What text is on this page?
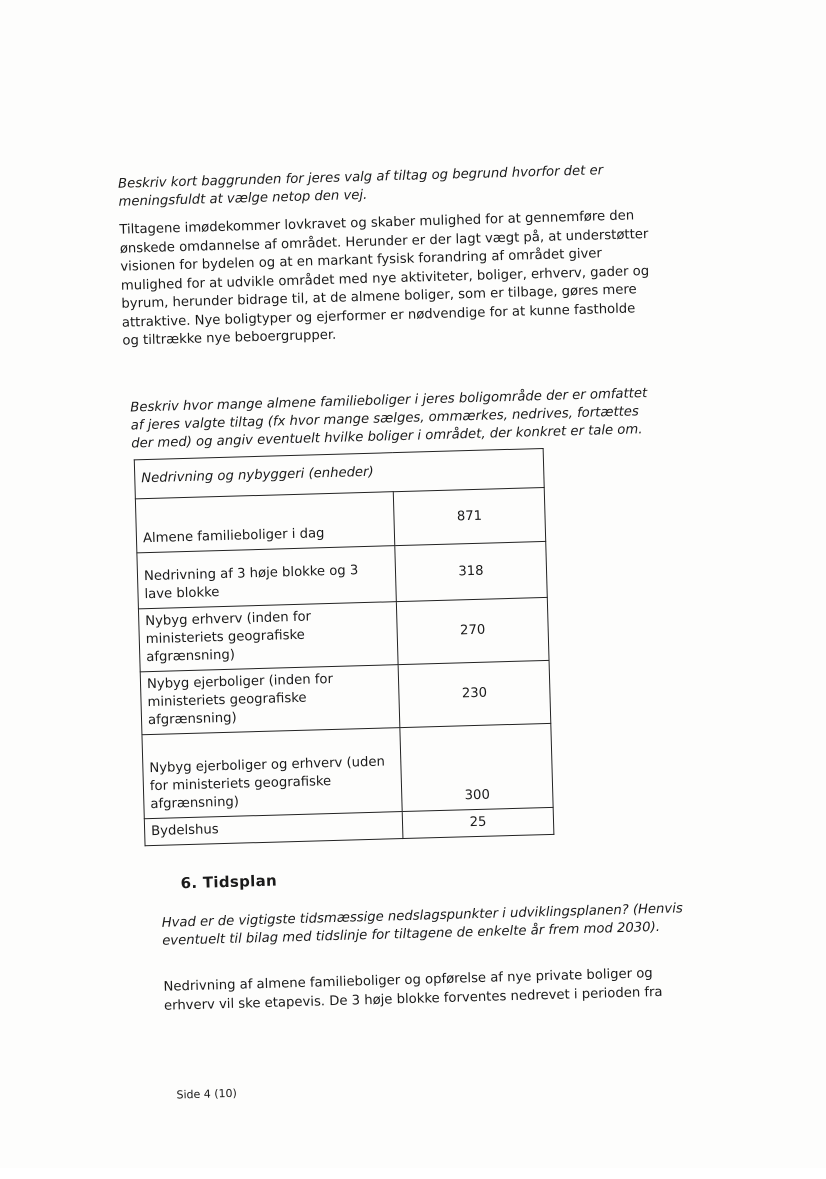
Beskriv kort baggrunden for jeres valg af tiltag og begrund hvorfor det er meningsfuldt at vælge netop den vej.

Tiltagene imødekommer lovkravet og skaber mulighed for at gennemføre den ønskede omdannelse af området. Herunder er der lagt vægt på, at understøtter visionen for bydelen og at en markant fysisk forandring af området giver mulighed for at udvikle området med nye aktiviteter, boliger, erhverv, gader og byrum, herunder bidrage til, at de almene boliger, som er tilbage, gøres mere attraktive. Nye boligtyper og ejerformer er nødvendige for at kunne fastholde og tiltrække nye beboergrupper.

Beskriv hvor mange almene familieboliger i jeres boligområde der er omfattet af jeres valgte tiltag (fx hvor mange sælges, ommærkes, nedrives, fortættes der med) og angiv eventuelt hvilke boliger i området, der konkret er tale om.

Nedrivning og nybyggeri (enheder)	
Almene familieboliger i dag	871
Nedrivning af 3 høje blokke og 3 lave blokke	318
Nybyg erhverv (inden for ministeriets geografiske afgrænsning)	270
Nybyg ejerboliger (inden for ministeriets geografiske afgrænsning)	230
Nybyg ejerboliger og erhverv (uden for ministeriets geografiske afgrænsning)	300
Bydelshus	25
6. Tidsplan

Hvad er de vigtigste tidsmæssige nedslagspunkter i udviklingsplanen? (Henvis eventuelt til bilag med tidslinje for tiltagene de enkelte år frem mod 2030).

Nedrivning af almene familieboliger og opførelse af nye private boliger og erhverv vil ske etapevis. De 3 høje blokke forventes nedrevet i perioden fra

Side 4 (10)
